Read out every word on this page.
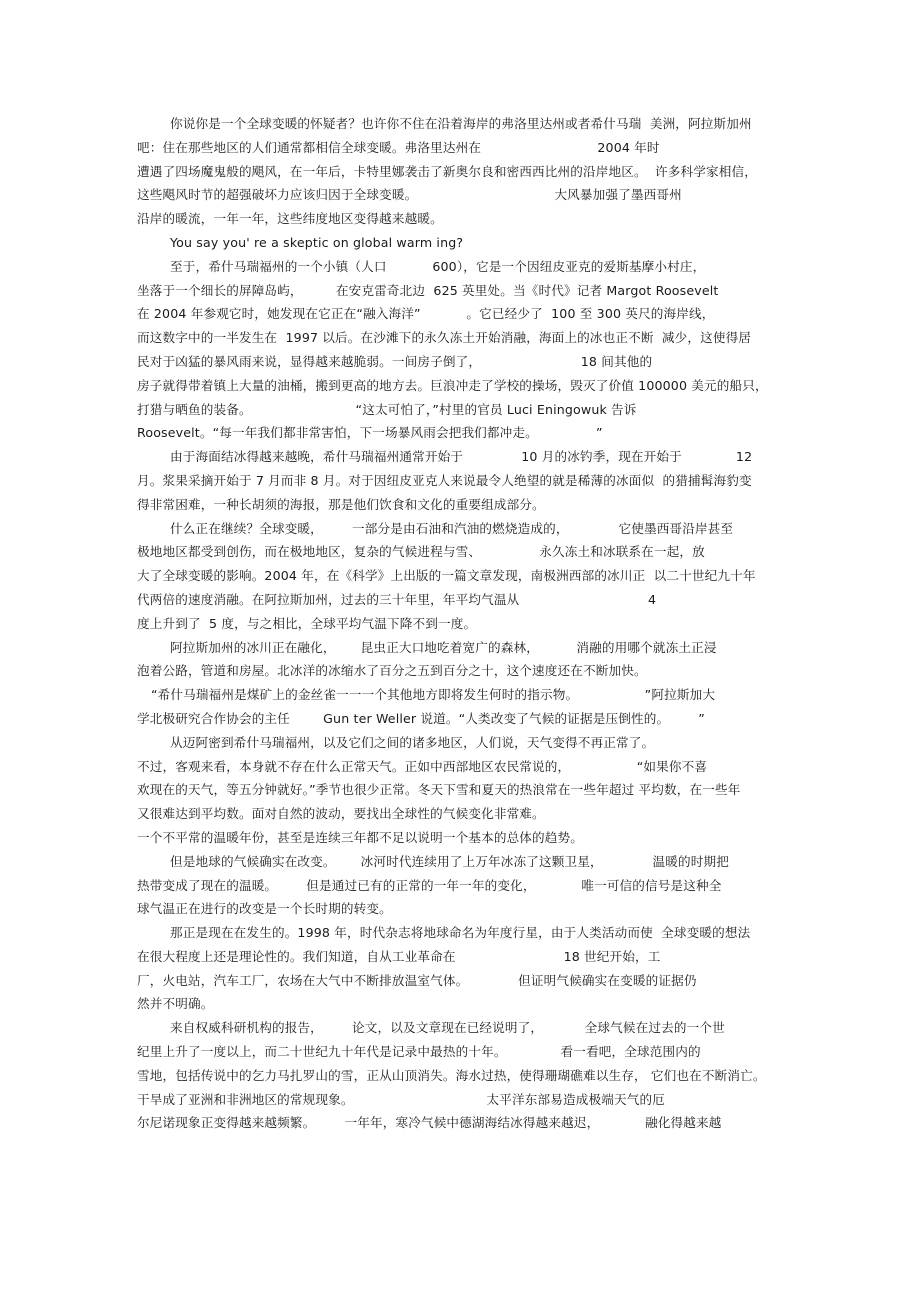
你说你是一个全球变暖的怀疑者？也许你不住在沿着海岸的弗洛里达州或者希什马瑞  美洲，阿拉斯加州
吧：住在那些地区的人们通常都相信全球变暖。弗洛里达州在                            2004 年时
遭遇了四场魔鬼般的飓风，在一年后，卡特里娜袭击了新奥尔良和密西西比州的沿岸地区。  许多科学家相信，
这些飓风时节的超强破坏力应该归因于全球变暖。                                 大风暴加强了墨西哥州
沿岸的暖流，一年一年，这些纬度地区变得越来越暖。
You say you' re a skeptic on global warm ing?
至于，希什马瑞福州的一个小镇（人口           600），它是一个因纽皮亚克的爱斯基摩小村庄，
坐落于一个细长的屏障岛屿，        在安克雷奇北边  625 英里处。当《时代》记者 Margot Roosevelt
在 2004 年参观它时，她发现在它正在“融入海洋”           。它已经少了  100 至 300 英尺的海岸线，
而这数字中的一半发生在  1997 以后。在沙滩下的永久冻土开始消融，海面上的冰也正不断  减少，这使得居
民对于凶猛的暴风雨来说，显得越来越脆弱。一间房子倒了，                        18 间其他的
房子就得带着镇上大量的油桶，搬到更高的地方去。巨浪冲走了学校的操场，毁灭了价值 100000 美元的船只，
打猎与晒鱼的装备。                         “这太可怕了，”村里的官员 Luci Eningowuk 告诉
Roosevelt。“每一年我们都非常害怕，下一场暴风雨会把我们都冲走。              ”
由于海面结冰得越来越晚，希什马瑞福州通常开始于              10 月的冰钓季，现在开始于             12
月。浆果采摘开始于 7 月而非 8 月。对于因纽皮亚克人来说最令人绝望的就是稀薄的冰面似  的猎捕髯海豹变
得非常困难，一种长胡须的海报，那是他们饮食和文化的重要组成部分。
什么正在继续？全球变暖，       一部分是由石油和汽油的燃烧造成的，            它使墨西哥沿岸甚至
极地地区都受到创伤，而在极地地区，复杂的气候进程与雪、              永久冻土和冰联系在一起，放
大了全球变暖的影响。2004 年，在《科学》上出版的一篇文章发现，南极洲西部的冰川正  以二十世纪九十年
代两倍的速度消融。在阿拉斯加州，过去的三十年里，年平均气温从                               4
度上升到了  5 度，与之相比，全球平均气温下降不到一度。
阿拉斯加州的冰川正在融化，      昆虫正大口地吃着宽广的森林，         消融的用哪个就冻土正浸
泡着公路，管道和房屋。北冰洋的冰缩水了百分之五到百分之十，这个速度还在不断加快。
“希什马瑞福州是煤矿上的金丝雀一一一个其他地方即将发生何时的指示物。                ”阿拉斯加大
学北极研究合作协会的主任        Gun ter Weller 说道。“人类改变了气候的证据是压倒性的。       ”
从迈阿密到希什马瑞福州，以及它们之间的诸多地区，人们说，天气变得不再正常了。
不过，客观来看，本身就不存在什么正常天气。正如中西部地区农民常说的，                “如果你不喜
欢现在的天气，等五分钟就好。”季节也很少正常。冬天下雪和夏天的热浪常在一些年超过 平均数，在一些年
又很难达到平均数。面对自然的波动，要找出全球性的气候变化非常难。
一个不平常的温暖年份，甚至是连续三年都不足以说明一个基本的总体的趋势。
但是地球的气候确实在改变。      冰河时代连续用了上万年冰冻了这颗卫星，            温暖的时期把
热带变成了现在的温暖。       但是通过已有的正常的一年一年的变化，           唯一可信的信号是这种全
球气温正在进行的改变是一个长时期的转变。
那正是现在在发生的。1998 年，时代杂志将地球命名为年度行星，由于人类活动而使  全球变暖的想法
在很大程度上还是理论性的。我们知道，自从工业革命在                          18 世纪开始，工
厂，火电站，汽车工厂，农场在大气中不断排放温室气体。            但证明气候确实在变暖的证据仍
然并不明确。
来自权威科研机构的报告，       论文，以及文章现在已经说明了，          全球气候在过去的一个世
纪里上升了一度以上，而二十世纪九十年代是记录中最热的十年。             看一看吧，全球范围内的
雪地，包括传说中的乞力马扎罗山的雪，正从山顶消失。海水过热，使得珊瑚礁难以生存， 它们也在不断消亡。
干旱成了亚洲和非洲地区的常规现象。                                太平洋东部易造成极端天气的厄
尔尼诺现象正变得越来越频繁。       一年年，寒冷气候中德湖海结冰得越来越迟，           融化得越来越
